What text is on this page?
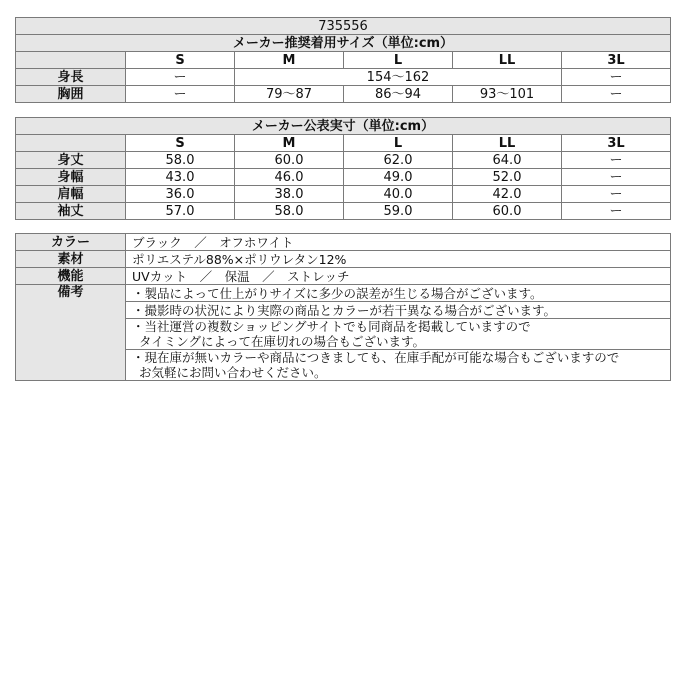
735556					
メーカー推奨着用サイズ（単位:cm）					
	S	M	L	LL	3L
身長	ー	154〜162			ー
胸囲	ー	79〜87	86〜94	93〜101	ー
メーカー公表実寸（単位:cm）					
	S	M	L	LL	3L
身丈	58.0	60.0	62.0	64.0	ー
身幅	43.0	46.0	49.0	52.0	ー
肩幅	36.0	38.0	40.0	42.0	ー
袖丈	57.0	58.0	59.0	60.0	ー
カラー	ブラック　／　オフホワイト
素材	ポリエステル88%×ポリウレタン12%
機能	UVカット　／　保温　／　ストレッチ
備考	・製品によって仕上がりサイズに多少の誤差が生じる場合がございます。
	・撮影時の状況により実際の商品とカラーが若干異なる場合がございます。

	・当社運営の複数ショッピングサイトでも同商品を掲載していますので
タイミングによって在庫切れの場合もございます。

	・現在庫が無いカラーや商品につきましても、在庫手配が可能な場合もございますので
お気軽にお問い合わせください。
